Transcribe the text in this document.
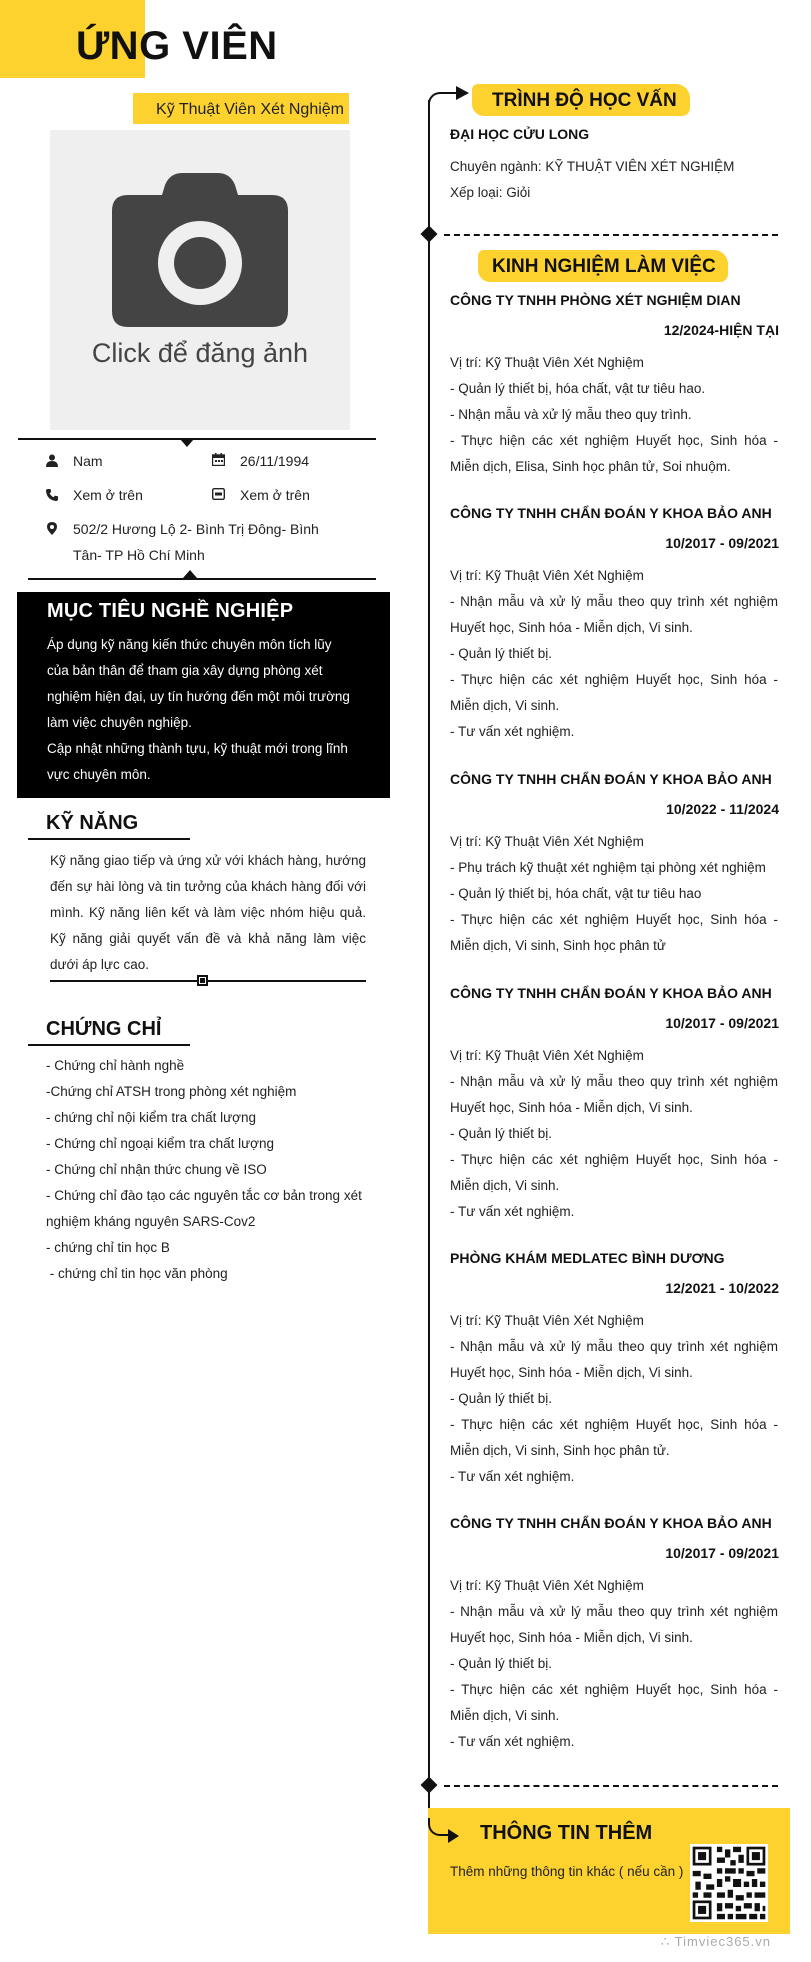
ỨNG VIÊN
Kỹ Thuật Viên Xét Nghiệm
Click để đăng ảnh
Nam	26/11/1994
Xem ở trên	Xem ở trên
502/2 Hương Lộ 2- Bình Trị Đông- Bình Tân- TP Hồ Chí Minh
MỤC TIÊU NGHỀ NGHIỆP
Áp dụng kỹ năng kiến thức chuyên môn tích lũy
của bản thân để tham gia xây dựng phòng xét
nghiệm hiện đại, uy tín hướng đến một môi trường
làm việc chuyên nghiệp.
Cập nhật những thành tựu, kỹ thuật mới trong lĩnh
vực chuyên môn.
KỸ NĂNG
Kỹ năng giao tiếp và ứng xử với khách hàng, hướng đến sự hài lòng và tin tưởng của khách hàng đối với mình. Kỹ năng liên kết và làm việc nhóm hiệu quả. Kỹ năng giải quyết vấn đề và khả năng làm việc dưới áp lực cao.
CHỨNG CHỈ
- Chứng chỉ hành nghề
-Chứng chỉ ATSH trong phòng xét nghiệm
- chứng chỉ nội kiểm tra chất lượng
- Chứng chỉ ngoại kiểm tra chất lượng
- Chứng chỉ nhận thức chung về ISO
- Chứng chỉ đào tạo các nguyên tắc cơ bản trong xét nghiệm kháng nguyên SARS-Cov2
- chứng chỉ tin học B
- chứng chỉ tin học văn phòng
TRÌNH ĐỘ HỌC VẤN
ĐẠI HỌC CỬU LONG
Chuyên ngành: KỸ THUẬT VIÊN XÉT NGHIỆM
Xếp loại: Giỏi
KINH NGHIỆM LÀM VIỆC
CÔNG TY TNHH PHÒNG XÉT NGHIỆM DIAN
12/2024-HIỆN TẠI
Vị trí: Kỹ Thuật Viên Xét Nghiệm
- Quản lý thiết bị, hóa chất, vật tư tiêu hao.
- Nhận mẫu và xử lý mẫu theo quy trình.
- Thực hiện các xét nghiệm Huyết học, Sinh hóa -
Miễn dịch, Elisa, Sinh học phân tử, Soi nhuộm.
CÔNG TY TNHH CHẨN ĐOÁN Y KHOA BẢO ANH
10/2017 - 09/2021
Vị trí: Kỹ Thuật Viên Xét Nghiệm
- Nhận mẫu và xử lý mẫu theo quy trình xét nghiệm
Huyết học, Sinh hóa - Miễn dịch, Vi sinh.
- Quản lý thiết bị.
- Thực hiện các xét nghiệm Huyết học, Sinh hóa -
Miễn dịch, Vi sinh.
- Tư vấn xét nghiệm.
CÔNG TY TNHH CHẨN ĐOÁN Y KHOA BẢO ANH
10/2022 - 11/2024
Vị trí: Kỹ Thuật Viên Xét Nghiệm
- Phụ trách kỹ thuật xét nghiệm tại phòng xét nghiệm
- Quản lý thiết bị, hóa chất, vật tư tiêu hao
- Thực hiện các xét nghiệm Huyết học, Sinh hóa -
Miễn dịch, Vi sinh, Sinh học phân tử
CÔNG TY TNHH CHẨN ĐOÁN Y KHOA BẢO ANH
10/2017 - 09/2021
Vị trí: Kỹ Thuật Viên Xét Nghiệm
- Nhận mẫu và xử lý mẫu theo quy trình xét nghiệm
Huyết học, Sinh hóa - Miễn dịch, Vi sinh.
- Quản lý thiết bị.
- Thực hiện các xét nghiệm Huyết học, Sinh hóa -
Miễn dịch, Vi sinh.
- Tư vấn xét nghiệm.
PHÒNG KHÁM MEDLATEC BÌNH DƯƠNG
12/2021 - 10/2022
Vị trí: Kỹ Thuật Viên Xét Nghiệm
- Nhận mẫu và xử lý mẫu theo quy trình xét nghiệm
Huyết học, Sinh hóa - Miễn dịch, Vi sinh.
- Quản lý thiết bị.
- Thực hiện các xét nghiệm Huyết học, Sinh hóa -
Miễn dịch, Vi sinh, Sinh học phân tử.
- Tư vấn xét nghiệm.
CÔNG TY TNHH CHẨN ĐOÁN Y KHOA BẢO ANH
10/2017 - 09/2021
Vị trí: Kỹ Thuật Viên Xét Nghiệm
- Nhận mẫu và xử lý mẫu theo quy trình xét nghiệm
Huyết học, Sinh hóa - Miễn dịch, Vi sinh.
- Quản lý thiết bị.
- Thực hiện các xét nghiệm Huyết học, Sinh hóa -
Miễn dịch, Vi sinh.
- Tư vấn xét nghiệm.
THÔNG TIN THÊM
Thêm những thông tin khác ( nếu cần )
∴ Timviec365.vn
